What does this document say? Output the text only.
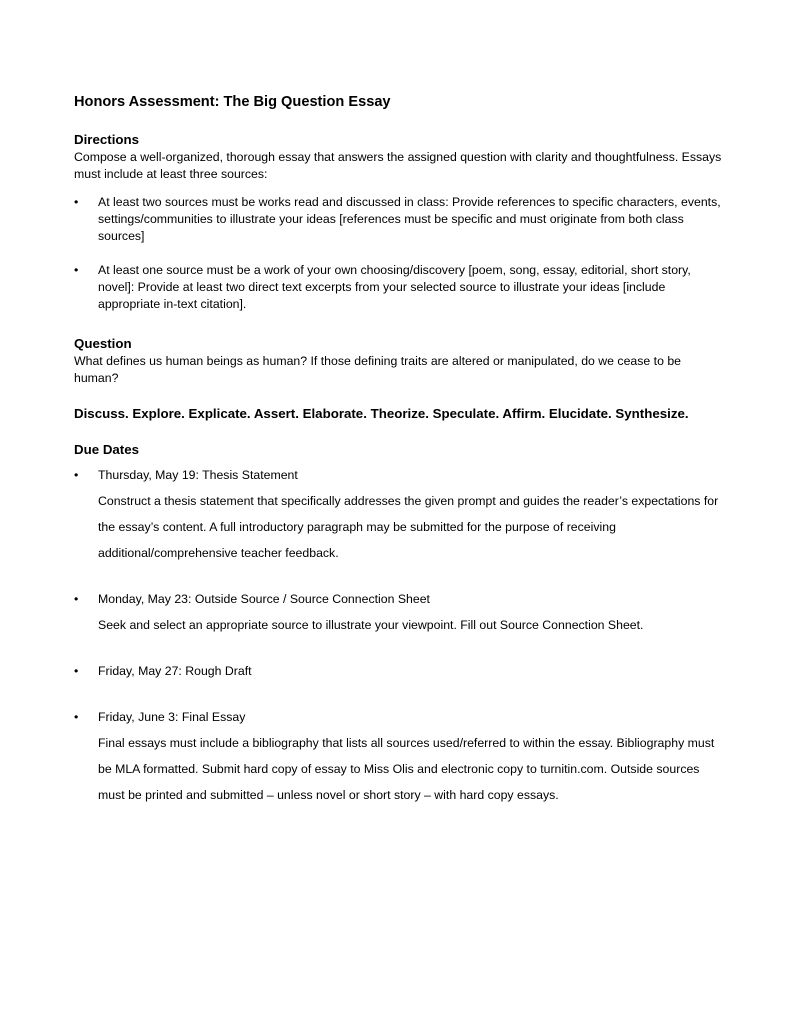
Honors Assessment: The Big Question Essay
Directions

Compose a well-organized, thorough essay that answers the assigned question with clarity and thoughtfulness. Essays must include at least three sources:

•	At least two sources must be works read and discussed in class: Provide references to specific characters, events, settings/communities to illustrate your ideas [references must be specific and must originate from both class sources]
•	At least one source must be a work of your own choosing/discovery [poem, song, essay, editorial, short story, novel]: Provide at least two direct text excerpts from your selected source to illustrate your ideas [include appropriate in-text citation].
Question

What defines us human beings as human? If those defining traits are altered or manipulated, do we cease to be human?

Discuss. Explore. Explicate. Assert. Elaborate. Theorize. Speculate. Affirm. Elucidate. Synthesize.
Due Dates
•	Thursday, May 19: Thesis Statement
Construct a thesis statement that specifically addresses the given prompt and guides the reader’s expectations for the essay’s content. A full introductory paragraph may be submitted for the purpose of receiving additional/comprehensive teacher feedback.
•	Monday, May 23: Outside Source / Source Connection Sheet
Seek and select an appropriate source to illustrate your viewpoint. Fill out Source Connection Sheet.
•	Friday, May 27: Rough Draft
•	Friday, June 3: Final Essay
Final essays must include a bibliography that lists all sources used/referred to within the essay. Bibliography must be MLA formatted. Submit hard copy of essay to Miss Olis and electronic copy to turnitin.com. Outside sources must be printed and submitted – unless novel or short story – with hard copy essays.
